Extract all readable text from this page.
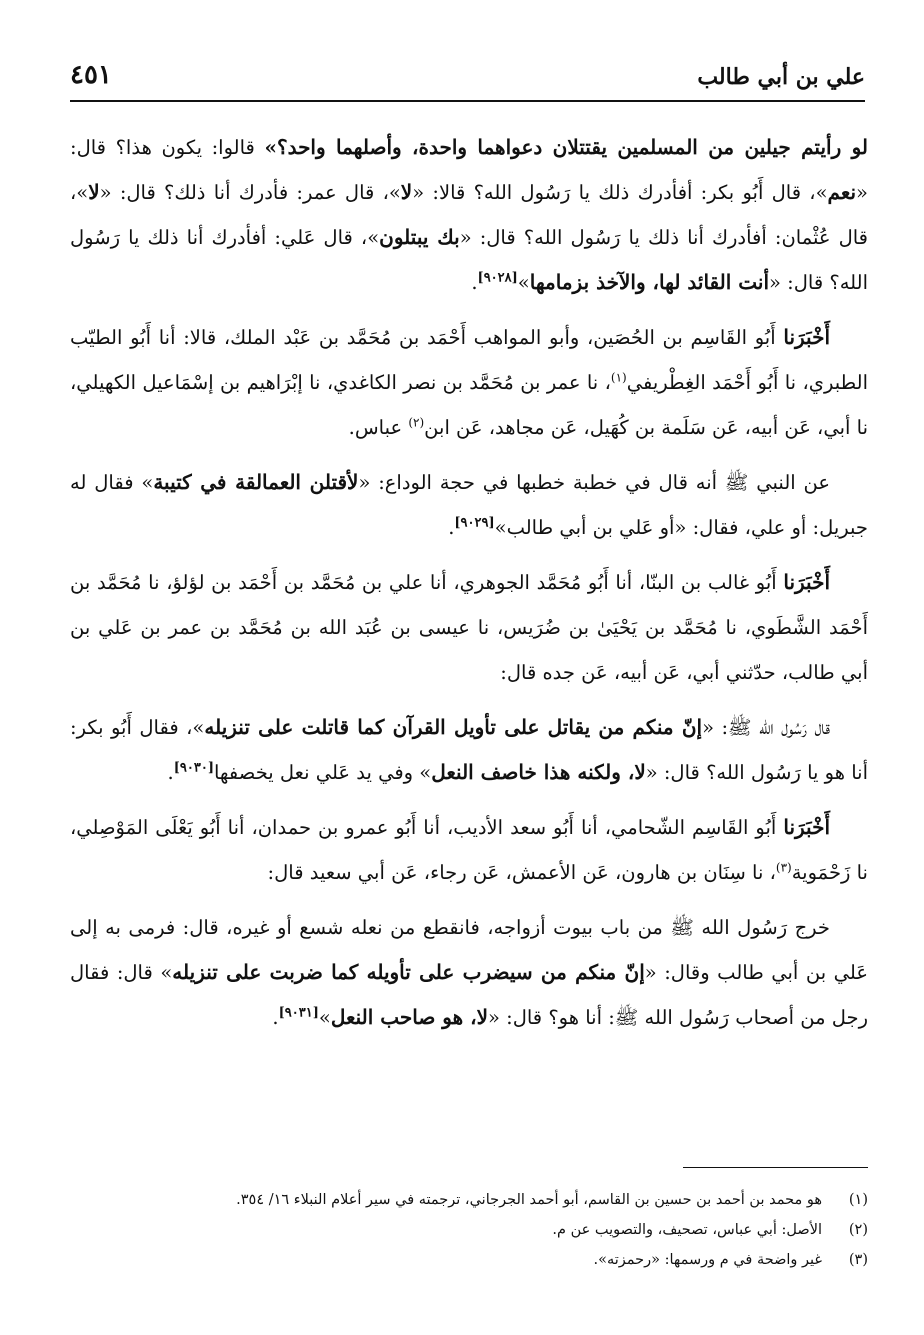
علي بن أبي طالب
٤٥١

لو رأيتم جيلين من المسلمين يقتتلان دعواهما واحدة، وأصلهما واحد؟» قالوا: يكون هذا؟ قال: «نعم»، قال أَبُو بكر: أفأدرك ذلك يا رَسُول الله؟ قالا: «لا»، قال عمر: فأدرك أنا ذلك؟ قال: «لا»، قال عُثْمان: أفأدرك أنا ذلك يا رَسُول الله؟ قال: «بك يبتلون»، قال عَلي: أفأدرك أنا ذلك يا رَسُول الله؟ قال: «أنت القائد لها، والآخذ بزمامها»[٩٠٢٨].

أَخْبَرَنا أَبُو القَاسِم بن الحُصَين، وأبو المواهب أَحْمَد بن مُحَمَّد بن عَبْد الملك، قالا: أنا أَبُو الطيّب الطبري، نا أَبُو أَحْمَد الغِطْريفي$^{(١)}$، نا عمر بن مُحَمَّد بن نصر الكاغدي، نا إبْرَاهيم بن إسْمَاعيل الكهيلي، نا أبي، عَن أبيه، عَن سَلَمة بن كُهَيل، عَن مجاهد، عَن ابن$^{(٢)}$ عباس.

عن النبي ﷺ أنه قال في خطبة خطبها في حجة الوداع: «لأقتلن العمالقة في كتيبة» فقال له جبريل: أو علي، فقال: «أو عَلي بن أبي طالب»[٩٠٢٩].

أَخْبَرَنا أَبُو غالب بن البنّا، أنا أَبُو مُحَمَّد الجوهري، أنا علي بن مُحَمَّد بن أَحْمَد بن لؤلؤ، نا مُحَمَّد بن أَحْمَد الشَّطَوي، نا مُحَمَّد بن يَحْيَىٰ بن ضُرَيس، نا عيسى بن عُبَد الله بن مُحَمَّد بن عمر بن عَلي بن أبي طالب، حدّثني أبي، عَن أبيه، عَن جده قال:

قال رَسُول الله ﷺ: «إنّ منكم من يقاتل على تأويل القرآن كما قاتلت على تنزيله»، فقال أَبُو بكر: أنا هو يا رَسُول الله؟ قال: «لا، ولكنه هذا خاصف النعل» وفي يد عَلي نعل يخصفها[٩٠٣٠].

أَخْبَرَنا أَبُو القَاسِم الشّحامي، أنا أَبُو سعد الأديب، أنا أَبُو عمرو بن حمدان، أنا أَبُو يَعْلَى المَوْصِلي، نا زَحْمَوية$^{(٣)}$، نا سِنَان بن هارون، عَن الأعمش، عَن رجاء، عَن أبي سعيد قال:

خرج رَسُول الله ﷺ من باب بيوت أزواجه، فانقطع من نعله شسع أو غيره، قال: فرمى به إلى عَلي بن أبي طالب وقال: «إنّ منكم من سيضرب على تأويله كما ضربت على تنزيله» قال: فقال رجل من أصحاب رَسُول الله ﷺ: أنا هو؟ قال: «لا، هو صاحب النعل»[٩٠٣١].

(١)
هو محمد بن أحمد بن حسين بن القاسم، أبو أحمد الجرجاني، ترجمته في سير أعلام النبلاء ١٦/ ٣٥٤.
(٢)
الأصل: أبي عباس، تصحيف، والتصويب عن م.
(٣)
غير واضحة في م ورسمها: «رحمزته».
